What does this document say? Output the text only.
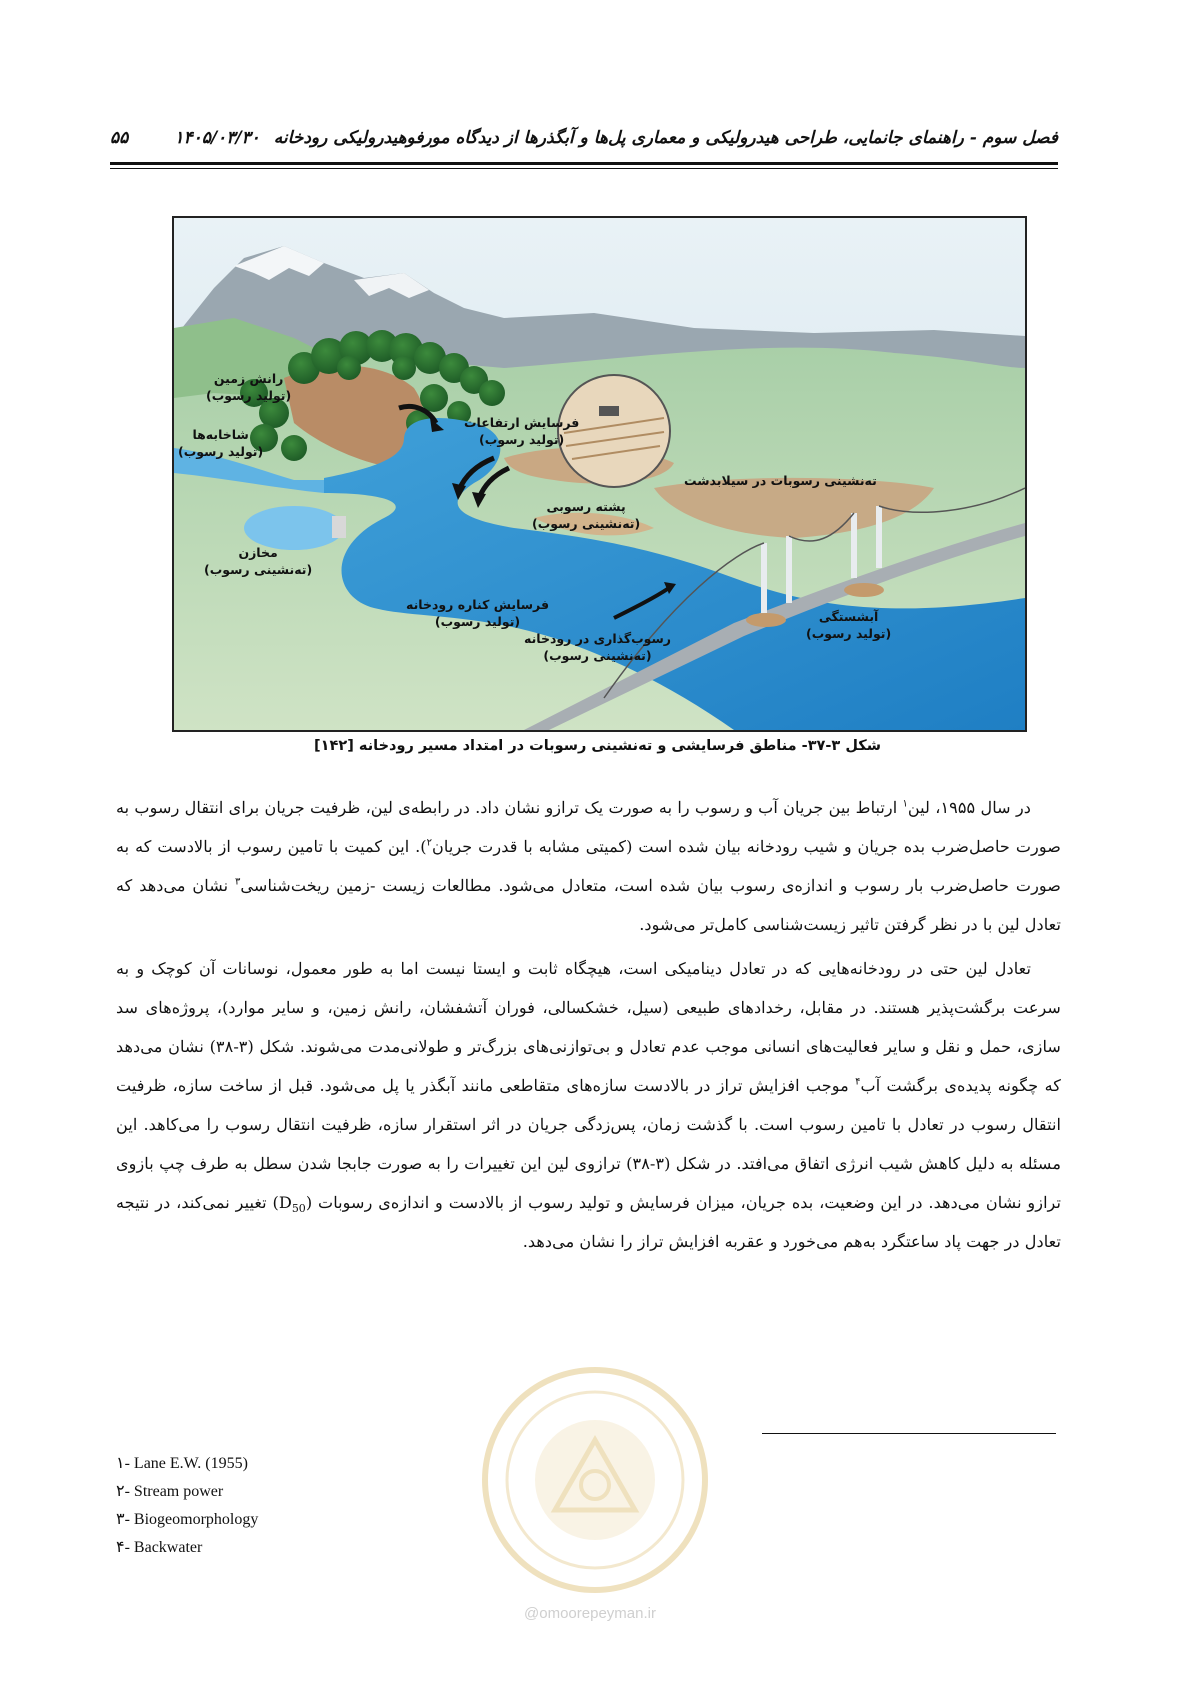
فصل سوم - راهنمای جانمایی، طراحی هیدرولیکی و معماری پل‌ها و آبگذرها از دیدگاه مورفوهیدرولیکی رودخانه۱۴۰۵/۰۳/۳۰
۵۵
رانش زمین
(تولید رسوب)
شاخابه‌ها
(تولید رسوب)
فرسایش ارتفاعات
(تولید رسوب)
ته‌نشینی رسوبات در سیلابدشت
پشته رسوبی
(ته‌نشینی رسوب)
مخازن
(ته‌نشینی رسوب)
فرسایش کناره رودخانه
(تولید رسوب)
رسوب‌گذاری در رودخانه
(ته‌نشینی رسوب)
آبشستگی
(تولید رسوب)
شکل ۳-۳۷- مناطق فرسایشی و ته‌نشینی رسوبات در امتداد مسیر رودخانه [۱۴۲]

در سال ۱۹۵۵، لین$^۱$ ارتباط بین جریان آب و رسوب را به صورت یک ترازو نشان داد. در رابطه‌ی لین، ظرفیت جریان برای انتقال رسوب به صورت حاصل‌ضرب بده جریان و شیب رودخانه بیان شده است (کمیتی مشابه با قدرت جریان$^۲$). این کمیت با تامین رسوب از بالادست که به صورت حاصل‌ضرب بار رسوب و اندازه‌ی رسوب بیان شده است، متعادل می‌شود. مطالعات زیست -زمین ریخت‌شناسی$^۳$ نشان می‌دهد که تعادل لین با در نظر گرفتن تاثیر زیست‌شناسی کامل‌تر می‌شود.

تعادل لین حتی در رودخانه‌هایی که در تعادل دینامیکی است، هیچگاه ثابت و ایستا نیست اما به طور معمول، نوسانات آن کوچک و به سرعت برگشت‌پذیر هستند. در مقابل، رخدادهای طبیعی (سیل، خشکسالی، فوران آتشفشان، رانش زمین، و سایر موارد)، پروژه‌های سد سازی، حمل و نقل و سایر فعالیت‌های انسانی موجب عدم تعادل و بی‌توازنی‌های بزرگ‌تر و طولانی‌مدت می‌شوند. شکل (۳-۳۸) نشان می‌دهد که چگونه پدیده‌ی برگشت آب$^۴$ موجب افزایش تراز در بالادست سازه‌های متقاطعی مانند آبگذر یا پل می‌شود. قبل از ساخت سازه، ظرفیت انتقال رسوب در تعادل با تامین رسوب است. با گذشت زمان، پس‌زدگی جریان در اثر استقرار سازه، ظرفیت انتقال رسوب را می‌کاهد. این مسئله به دلیل کاهش شیب انرژی اتفاق می‌افتد. در شکل (۳-۳۸) ترازوی لین این تغییرات را به صورت جابجا شدن سطل به طرف چپ بازوی ترازو نشان می‌دهد. در این وضعیت، بده جریان، میزان فرسایش و تولید رسوب از بالادست و اندازه‌ی رسوبات $(D_{50})$ تغییر نمی‌کند، در نتیجه تعادل در جهت پاد ساعتگرد به‌هم می‌خورد و عقربه افزایش تراز را نشان می‌دهد.

@omoorepeyman.ir
۱- Lane E.W. (1955)
۲- Stream power
۳- Biogeomorphology
۴- Backwater
